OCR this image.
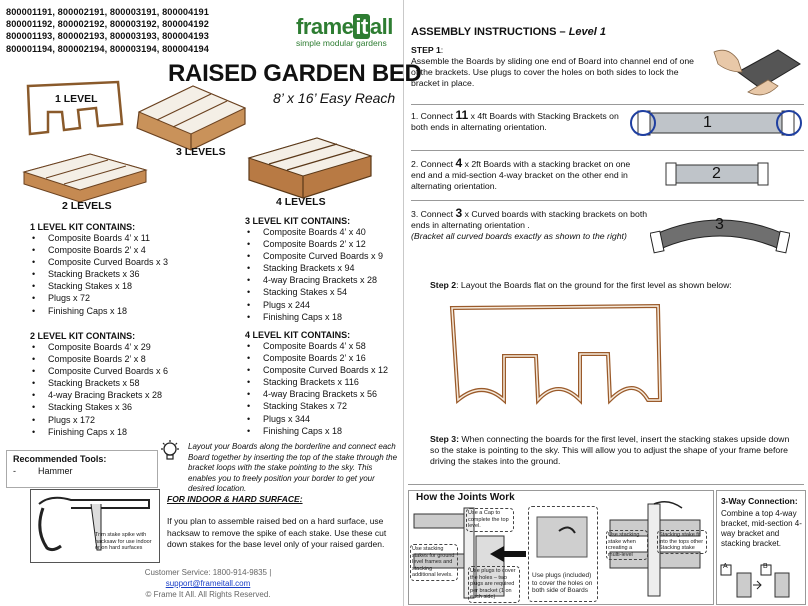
800001191, 800002191, 800003191, 800004191
800001192, 800002192, 800003192, 800004192
800001193, 800002193, 800003193, 800004193
800001194, 800002194, 800003194, 800004194
frameitall
simple modular gardens
RAISED GARDEN BED
8’ x 16’ Easy Reach
1 LEVEL
3 LEVELS
2 LEVELS	4 LEVELS
1 LEVEL KIT CONTAINS:
• Composite Boards 4’ x 11
• Composite Boards 2’ x 4
• Composite Curved Boards x 3
• Stacking Brackets x 36
• Stacking Stakes x 18
• Plugs x 72
• Finishing Caps x 18
2 LEVEL KIT CONTAINS:
• Composite Boards 4’ x 29
• Composite Boards 2’ x 8
• Composite Curved Boards x 6
• Stacking Brackets x 58
• 4-way Bracing Brackets x 28
• Stacking Stakes x 36
• Plugs x 172
• Finishing Caps x 18
3 LEVEL KIT CONTAINS:
• Composite Boards 4’ x 40
• Composite Boards 2’ x 12
• Composite Curved Boards x 9
• Stacking Brackets x 94
• 4-way Bracing Brackets x 28
• Stacking Stakes x 54
• Plugs x 244
• Finishing Caps x 18
4 LEVEL KIT CONTAINS:
• Composite Boards 4’ x 58
• Composite Boards 2’ x 16
• Composite Curved Boards x 12
• Stacking Brackets x 116
• 4-way Bracing Brackets x 56
• Stacking Stakes x 72
• Plugs x 344
• Finishing Caps x 18
Layout your Boards along the borderline and connect each Board together by inserting the top of the stake through the bracket loops with the stake pointing to the sky. This enables you to freely position your border to get your desired location.
Recommended Tools:
- Hammer
Trim stake spike with
hacksaw for use indoor
or on hard surfaces
FOR INDOOR & HARD SURFACE:
If you plan to assemble raised bed on a hard surface, use hacksaw to remove the spike of each stake. Use these cut down stakes for the base level only of your raised garden.
Customer Service: 1800-914-9835 |
support@frameitall.com
© Frame It All. All Rights Reserved.
ASSEMBLY INSTRUCTIONS – Level 1
STEP 1:
Assemble the Boards by sliding one end of Board into channel end of one of the brackets. Use plugs to cover the holes on both sides to lock the bracket in place.
1. Connect 11 x 4ft Boards with Stacking Brackets on both ends in alternating orientation.	1
2. Connect 4 x 2ft Boards with a stacking bracket on one end and a mid-section 4-way bracket on the other end in alternating orientation.
2
3. Connect 3 x Curved boards with stacking brackets on both ends in alternating orientation .
(Bracket all curved boards exactly as shown to the right)
3
Step 2: Layout the Boards flat on the ground for the first level as shown below:
Step 3: When connecting the boards for the first level, insert the stacking stakes upside down so the stake is pointing to the sky. This will allow you to adjust the shape of your frame before driving the stakes into the ground.
How the Joints Work
Use a Cap to complete the top level.
Use stacking stakes for ground level frames and stacking additional levels.
Use plugs to cover the holes – two plugs are required per bracket (1 on each side)
Use plugs (included) to cover the holes on both side of Boards
Use stacking stake when creating a multi-level
Stacking stake fit into the tops other Stacking stake
3-Way Connection:
Combine a top 4-way bracket, mid-section 4-way bracket and stacking bracket.
A	B
